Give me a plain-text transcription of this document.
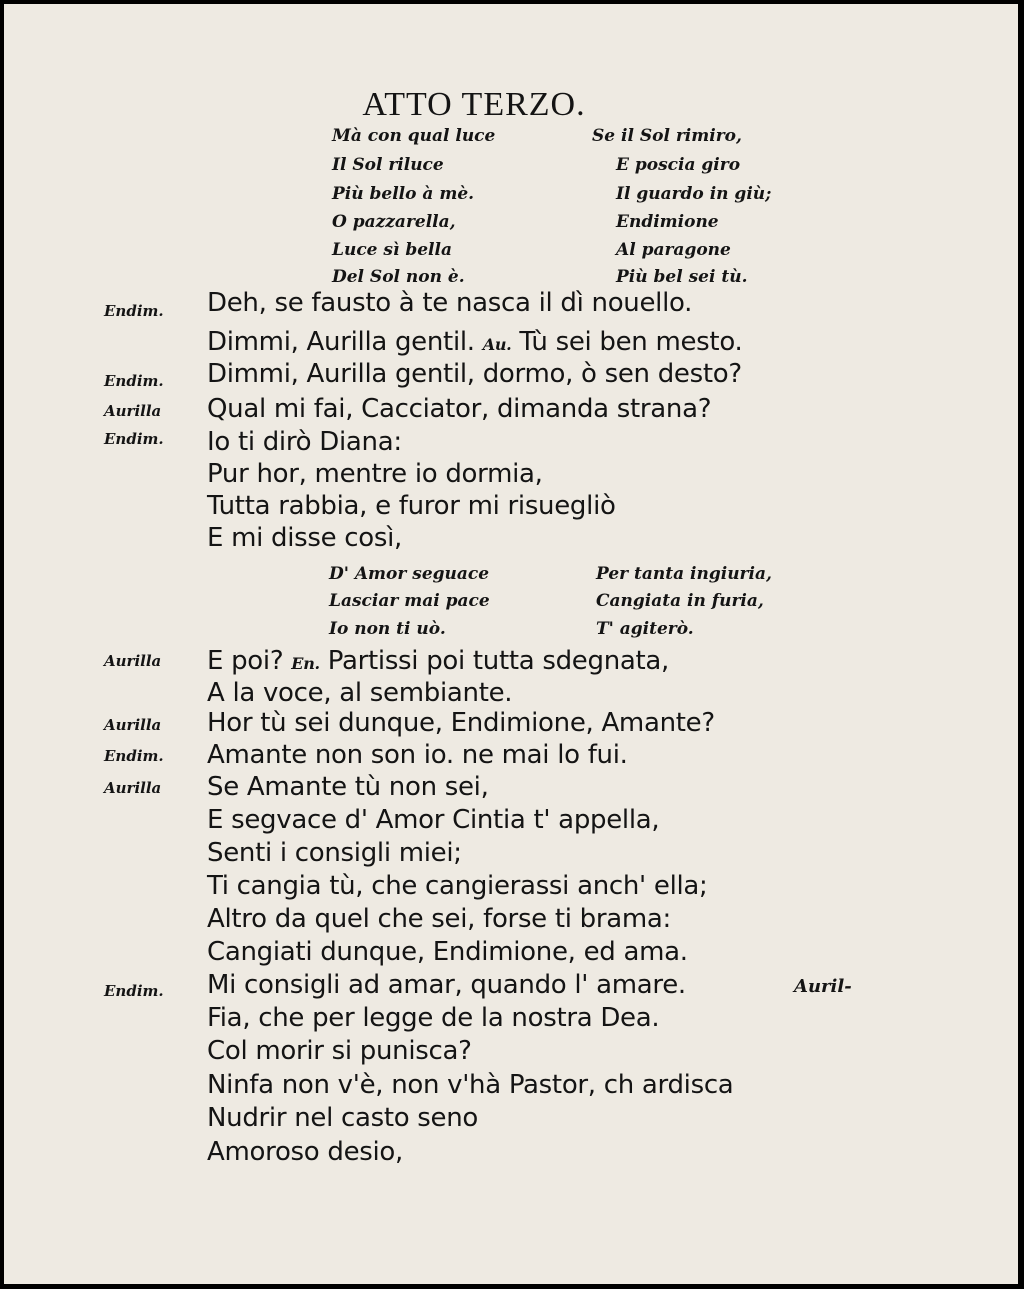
ATTO TERZO.
Mà con qual luce
Il Sol riluce
Più bello à mè.
O pazzarella,
Luce sì bella
Del Sol non è.
Se il Sol rimiro,
E poscia giro
Il guardo in giù;
Endimione
Al paragone
Più bel sei tù.
Endim. Deh, se fausto à te nasca il dì nouello.
Dimmi, Aurilla gentil. Au. Tù sei ben mesto.
Endim. Dimmi, Aurilla gentil, dormo, ò sen desto?
Aurilla Qual mi fai, Cacciator, dimanda strana?
Endim. Io ti dirò Diana:
Pur hor, mentre io dormia,
Tutta rabbia, e furor mi risuegliò
E mi disse così,
D' Amor seguace
Lasciar mai pace
Io non ti uò.
Per tanta ingiuria,
Cangiata in furia,
T' agiterò.
Aurilla E poi? En. Partissi poi tutta sdegnata,
A la voce, al sembiante.
Aurilla Hor tù sei dunque, Endimione, Amante?
Endim. Amante non son io. ne mai lo fui.
Aurilla Se Amante tù non sei,
E segvace d' Amor Cintia t' appella,
Senti i consigli miei;
Ti cangia tù, che cangierassi anch' ella;
Altro da quel che sei, forse ti brama:
Cangiati dunque, Endimione, ed ama.
Endim. Mi consigli ad amar, quando l' amare.
Fia, che per legge de la nostra Dea.
Col morir si punisca?
Ninfa non v'è, non v'hà Pastor, ch ardisca
Nudrir nel casto seno
Amoroso desio,
Auril-
